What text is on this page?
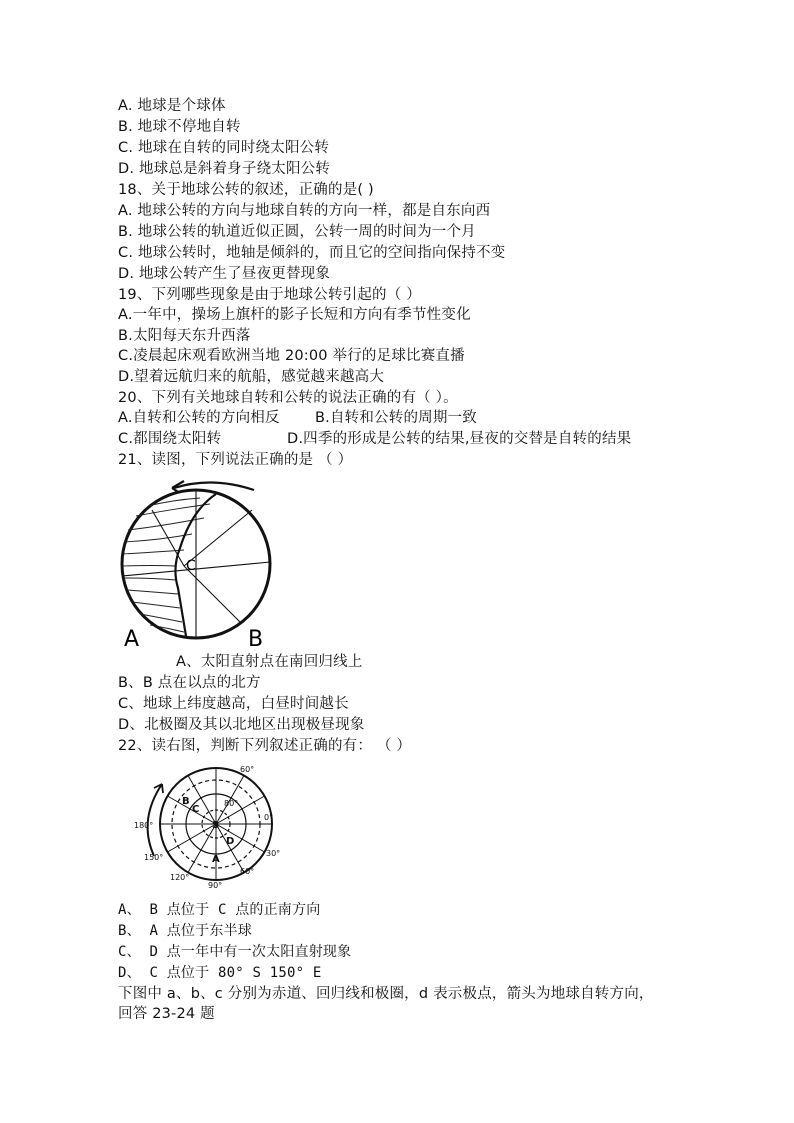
A. 地球是个球体
B. 地球不停地自转
C. 地球在自转的同时绕太阳公转
D. 地球总是斜着身子绕太阳公转
18、关于地球公转的叙述，正确的是( )
A. 地球公转的方向与地球自转的方向一样，都是自东向西
B. 地球公转的轨道近似正圆，公转一周的时间为一个月
C. 地球公转时，地轴是倾斜的，而且它的空间指向保持不变
D. 地球公转产生了昼夜更替现象
19、下列哪些现象是由于地球公转引起的（ ）
A.一年中，操场上旗杆的影子长短和方向有季节性变化
B.太阳每天东升西落
C.凌晨起床观看欧洲当地 20:00 举行的足球比赛直播
D.望着远航归来的航船，感觉越来越高大
20、下列有关地球自转和公转的说法正确的有（ ）。
A.自转和公转的方向相反 B.自转和公转的周期一致
C.都围绕太阳转	D.四季的形成是公转的结果,昼夜的交替是自转的结果
21、读图，下列说法正确的是 （ ）
C
A	B
A、太阳直射点在南回归线上
B、B 点在以点的北方
C、地球上纬度越高，白昼时间越长
D、北极圈及其以北地区出现极昼现象
22、读右图，判断下列叙述正确的有： （ ）
60°
80°
0°
30°
60°
90°
120°
150°
180°
B
C
D
A
S
A、 B 点位于 C 点的正南方向
B、 A 点位于东半球
C、 D 点一年中有一次太阳直射现象
D、 C 点位于 80° S 150° E
下图中 a、b、c 分别为赤道、回归线和极圈，d 表示极点，箭头为地球自转方向，
回答 23-24 题
